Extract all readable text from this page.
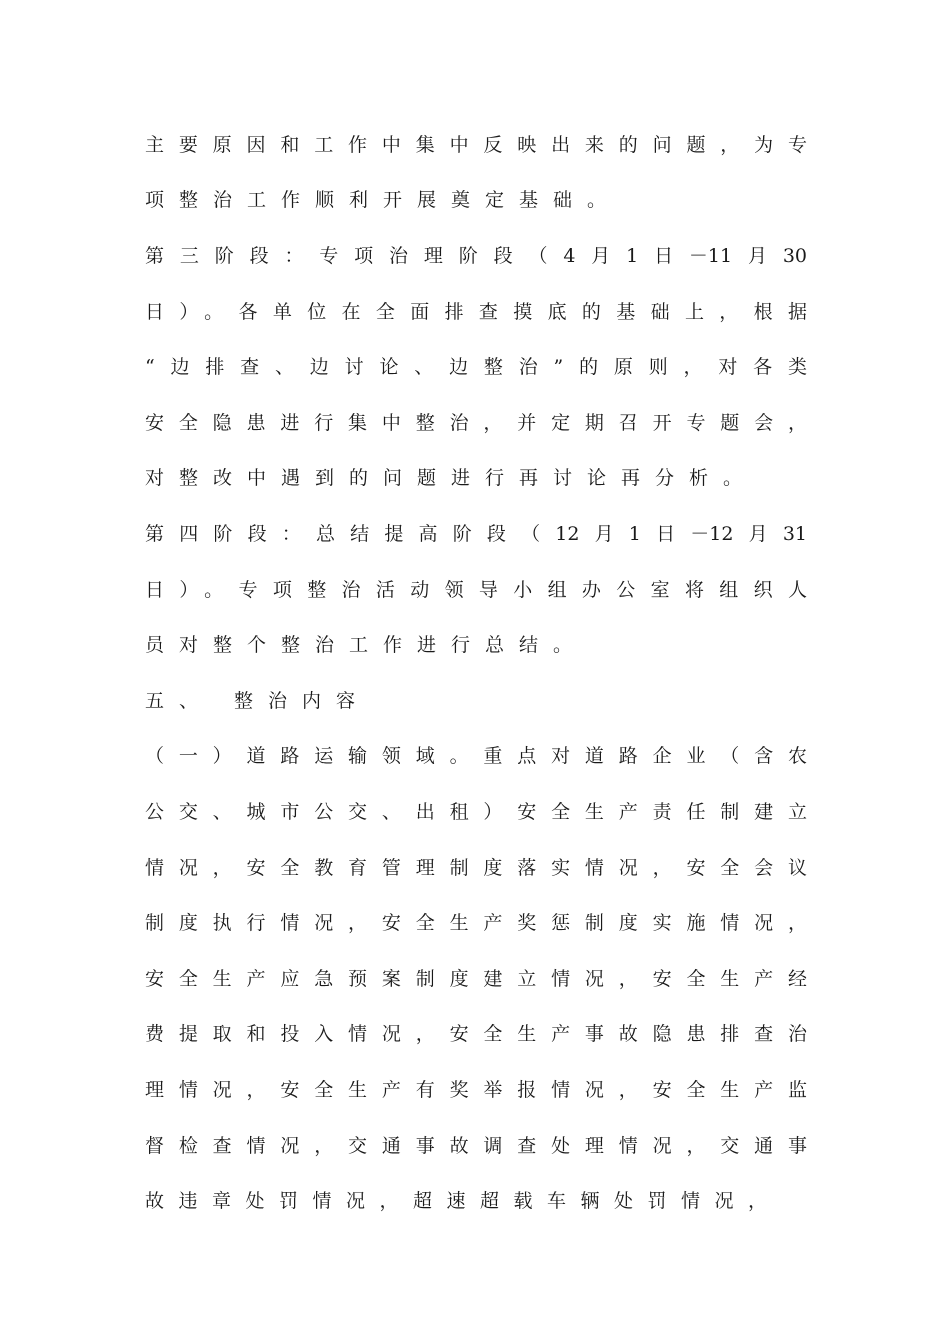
主要原因和工作中集中反映出来的问题，为专
项整治工作顺利开展奠定基础。
第三阶段：专项治理阶段（4月1日－11月30
日）。各单位在全面排查摸底的基础上，根据
“边排查、边讨论、边整治”的原则，对各类
安全隐患进行集中整治，并定期召开专题会，
对整改中遇到的问题进行再讨论再分析。
第四阶段：总结提高阶段（12月1日－12月31
日）。专项整治活动领导小组办公室将组织人
员对整个整治工作进行总结。
五、 整治内容
（一）道路运输领域。重点对道路企业（含农
公交、城市公交、出租）安全生产责任制建立
情况，安全教育管理制度落实情况，安全会议
制度执行情况，安全生产奖惩制度实施情况，
安全生产应急预案制度建立情况，安全生产经
费提取和投入情况，安全生产事故隐患排查治
理情况，安全生产有奖举报情况，安全生产监
督检查情况，交通事故调查处理情况，交通事
故违章处罚情况，超速超载车辆处罚情况，
